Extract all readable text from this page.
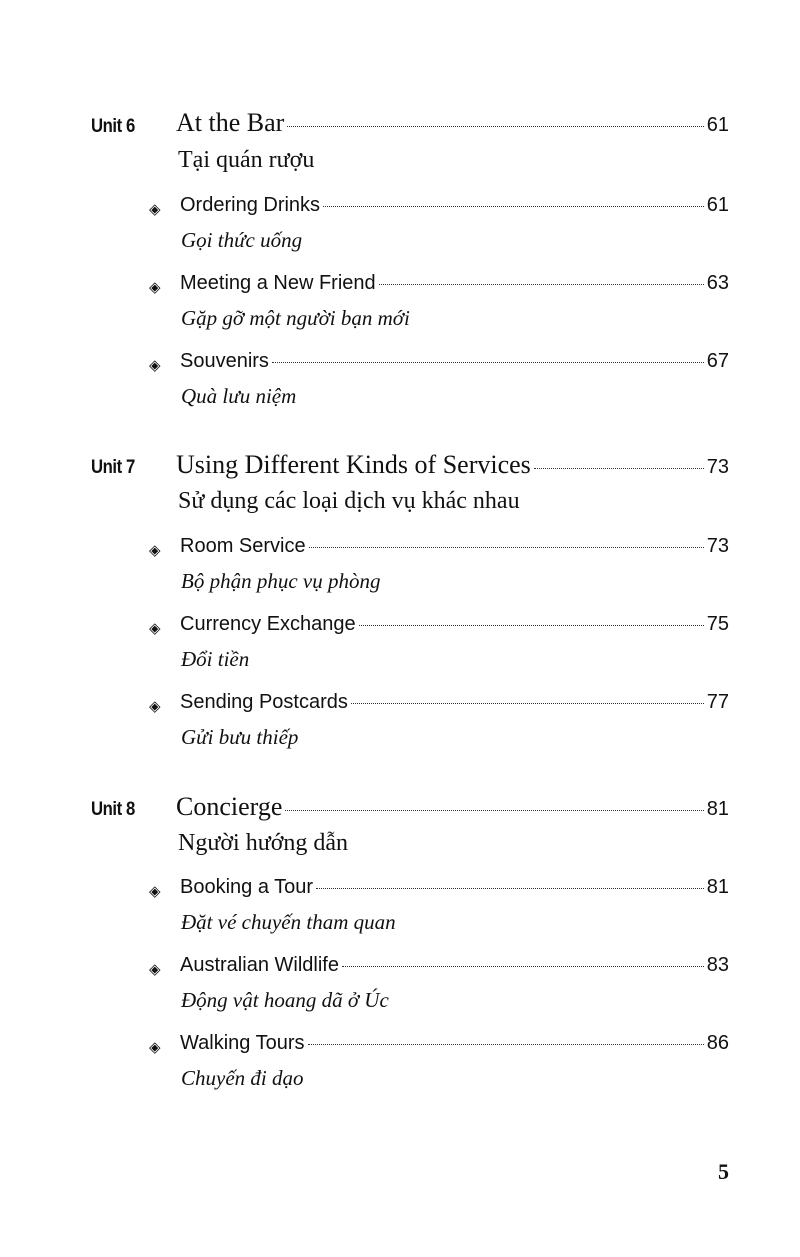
Unit 6 At the Bar	61
Tại quán rượu
◈ Ordering Drinks	61
Gọi thức uống
◈ Meeting a New Friend	63
Gặp gỡ một người bạn mới
◈ Souvenirs	67
Quà lưu niệm
Unit 7 Using Different Kinds of Services	73
Sử dụng các loại dịch vụ khác nhau
◈ Room Service	73
Bộ phận phục vụ phòng
◈ Currency Exchange	75
Đổi tiền
◈ Sending Postcards	77
Gửi bưu thiếp
Unit 8 Concierge	81
Người hướng dẫn
◈ Booking a Tour	81
Đặt vé chuyến tham quan
◈ Australian Wildlife	83
Động vật hoang dã ở Úc
◈ Walking Tours	86
Chuyến đi dạo
5
